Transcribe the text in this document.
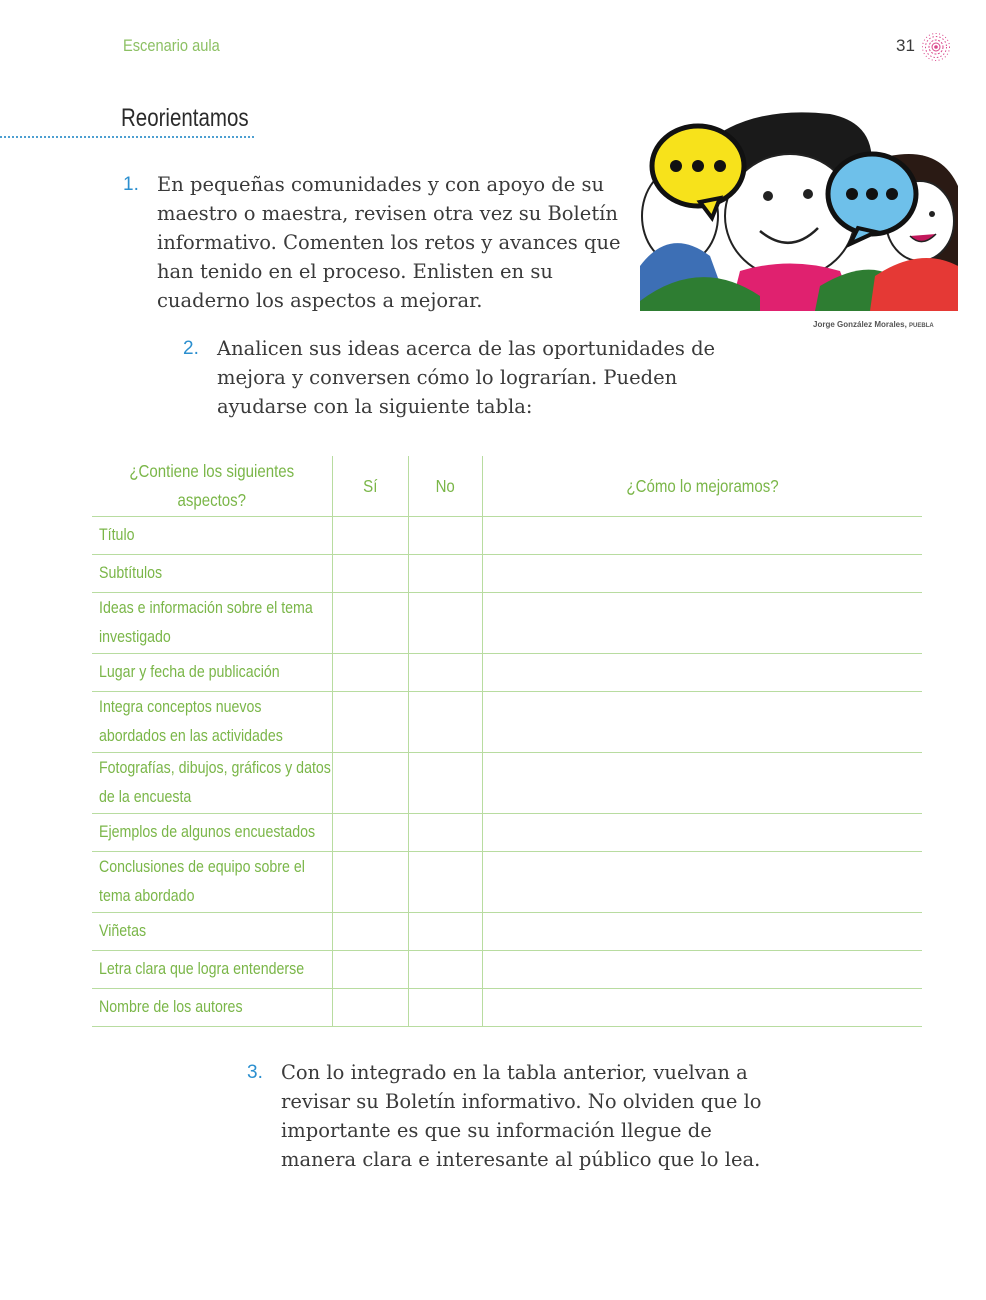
Escenario aula	31
Reorientamos
1. En pequeñas comunidades y con apoyo de su maestro o maestra, revisen otra vez su Boletín informativo. Comenten los retos y avances que han tenido en el proceso. Enlisten en su cuaderno los aspectos a mejorar.

Jorge González Morales, PUEBLA
2. Analicen sus ideas acerca de las oportunidades de mejora y conversen cómo lo lograrían. Pueden ayudarse con la siguiente tabla:

¿Contiene los siguientes aspectos?	Sí	No	¿Cómo lo mejoramos?
Título			
Subtítulos			
Ideas e información sobre el tema investigado			
Lugar y fecha de publicación			
Integra conceptos nuevos abordados en las actividades			
Fotografías, dibujos, gráficos y datos de la encuesta			
Ejemplos de algunos encuestados			
Conclusiones de equipo sobre el tema abordado			
Viñetas			
Letra clara que logra entenderse			
Nombre de los autores			
3. Con lo integrado en la tabla anterior, vuelvan a revisar su Boletín informativo. No olviden que lo importante es que su información llegue de manera clara e interesante al público que lo lea.
